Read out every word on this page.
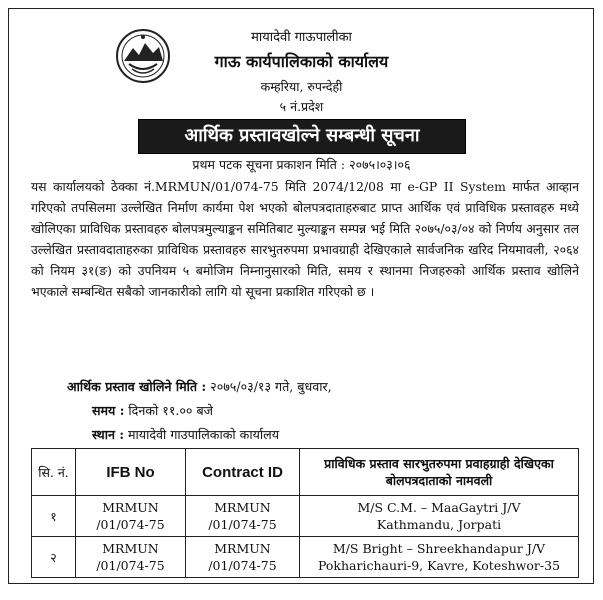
मायादेवी गाऊपालीका
गाऊ कार्यपालिकाको कार्यालय
कम्हरिया, रुपन्देही
५ नं.प्रदेश
आर्थिक प्रस्तावखोल्ने सम्बन्धी सूचना
प्रथम पटक सूचना प्रकाशन मिति : २०७५।०३।०६

यस कार्यालयको ठेक्का नं.MRMUN/01/074-75 मिति 2074/12/08 मा e-GP II System मार्फत आव्हान गरिएको तपसिलमा उल्लेखित निर्माण कार्यमा पेश भएको बोलपत्रदाताहरुबाट प्राप्त आर्थिक एवं प्राविधिक प्रस्तावहरु मध्ये खोलिएका प्राविधिक प्रस्तावहरु बोलपत्रमुल्याङ्कन समितिबाट मुल्याङ्कन सम्पन्न भई मिति २०७५/०३/०४ को निर्णय अनुसार तल उल्लेखित प्रस्तावदाताहरुका प्राविधिक प्रस्तावहरु सारभुतरुपमा प्रभावग्राही देखिएकाले सार्वजनिक खरिद नियमावली, २०६४ को नियम ३१(ङ) को उपनियम ५ बमोजिम निम्नानुसारको मिति, समय र स्थानमा निजहरुको आर्थिक प्रस्ताव खोलिने भएकाले सम्बन्धित सबैको जानकारीको लागि यो सूचना प्रकाशित गरिएको छ ।

आर्थिक प्रस्ताव खोलिने मिति : २०७५/०३/१३ गते, बुधवार,
समय : दिनको ११.०० बजे
स्थान : मायादेवी गाउपालिकाको कार्यालय
सि. नं.	IFB No	Contract ID	प्राविधिक प्रस्ताव सारभुतरुपमा प्रवाहग्राही देखिएका बोलपत्रदाताको नामवली
१	MRMUN /01/074-75	MRMUN /01/074-75	M/S C.M. – MaaGaytri J/V
Kathmandu, Jorpati

२	MRMUN /01/074-75	MRMUN /01/074-75	M/S Bright – Shreekhandapur J/V
Pokharichauri-9, Kavre, Koteshwor-35
